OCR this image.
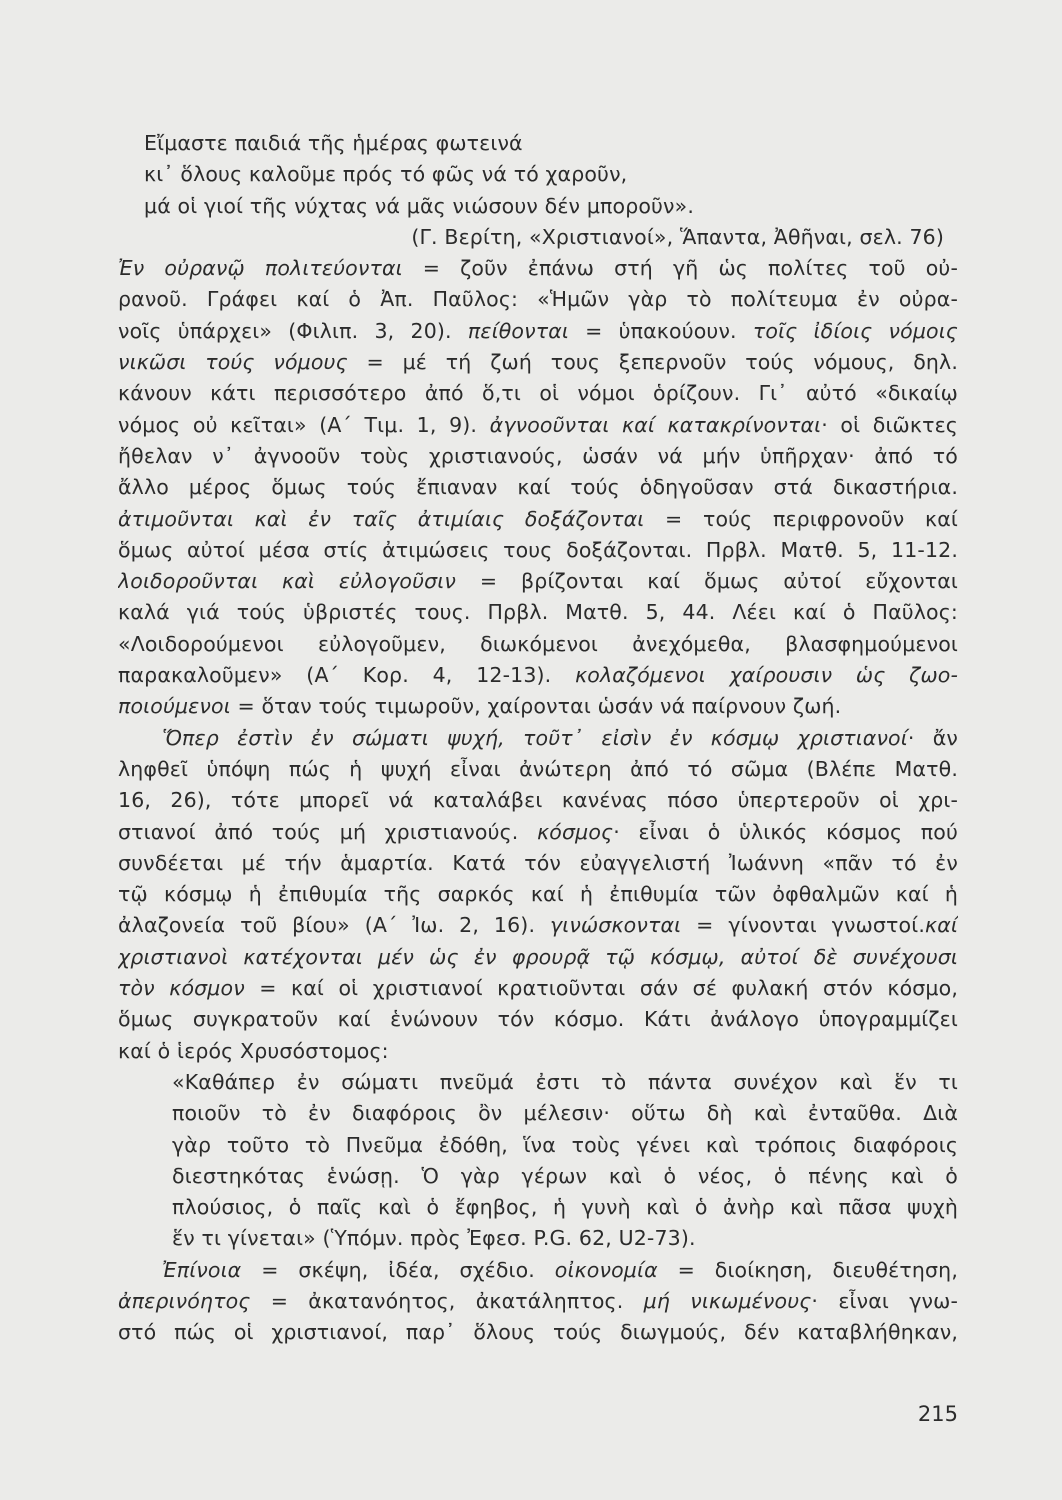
Εἴμαστε παιδιά τῆς ἡμέρας φωτεινά
κι᾽ ὅλους καλοῦμε πρός τό φῶς νά τό χαροῦν,
μά οἱ γιοί τῆς νύχτας νά μᾶς νιώσουν δέν μποροῦν».
(Γ. Βερίτη, «Χριστιανοί», Ἅπαντα, Ἀθῆναι, σελ. 76)
Ἐν οὐρανῷ πολιτεύονται = ζοῦν ἐπάνω στή γῆ ὡς πολίτες τοῦ οὐ-
ρανοῦ. Γράφει καί ὁ Ἀπ. Παῦλος: «Ἡμῶν γὰρ τὸ πολίτευμα ἐν οὐρα-
νοῖς ὑπάρχει» (Φιλιπ. 3, 20). πείθονται = ὑπακούουν. τοῖς ἰδίοις νόμοις
νικῶσι τούς νόμους = μέ τή ζωή τους ξεπερνοῦν τούς νόμους, δηλ.
κάνουν κάτι περισσότερο ἀπό ὅ,τι οἱ νόμοι ὁρίζουν. Γι᾽ αὐτό «δικαίῳ
νόμος οὐ κεῖται» (Α΄ Τιμ. 1, 9). ἀγνοοῦνται καί κατακρίνονται· οἱ διῶκτες
ἤθελαν ν᾽ ἀγνοοῦν τοὺς χριστιανούς, ὡσάν νά μήν ὑπῆρχαν· ἀπό τό
ἄλλο μέρος ὅμως τούς ἔπιαναν καί τούς ὁδηγοῦσαν στά δικαστήρια.
ἀτιμοῦνται καὶ ἐν ταῖς ἀτιμίαις δοξάζονται = τούς περιφρονοῦν καί
ὅμως αὐτοί μέσα στίς ἀτιμώσεις τους δοξάζονται. Πρβλ. Ματθ. 5, 11-12.
λοιδοροῦνται καὶ εὐλογοῦσιν = βρίζονται καί ὅμως αὐτοί εὔχονται
καλά γιά τούς ὑβριστές τους. Πρβλ. Ματθ. 5, 44. Λέει καί ὁ Παῦλος:
«Λοιδορούμενοι εὐλογοῦμεν, διωκόμενοι ἀνεχόμεθα, βλασφημούμενοι
παρακαλοῦμεν» (Α΄ Κορ. 4, 12-13). κολαζόμενοι χαίρουσιν ὡς ζωο-
ποιούμενοι = ὅταν τούς τιμωροῦν, χαίρονται ὡσάν νά παίρνουν ζωή.
Ὅπερ ἐστὶν ἐν σώματι ψυχή, τοῦτ᾽ εἰσὶν ἐν κόσμῳ χριστιανοί· ἄν
ληφθεῖ ὑπόψη πώς ἡ ψυχή εἶναι ἀνώτερη ἀπό τό σῶμα (Βλέπε Ματθ.
16, 26), τότε μπορεῖ νά καταλάβει κανένας πόσο ὑπερτεροῦν οἱ χρι-
στιανοί ἀπό τούς μή χριστιανούς. κόσμος· εἶναι ὁ ὑλικός κόσμος πού
συνδέεται μέ τήν ἁμαρτία. Κατά τόν εὐαγγελιστή Ἰωάννη «πᾶν τό ἐν
τῷ κόσμῳ ἡ ἐπιθυμία τῆς σαρκός καί ἡ ἐπιθυμία τῶν ὀφθαλμῶν καί ἡ
ἀλαζονεία τοῦ βίου» (Α΄ Ἰω. 2, 16). γινώσκονται = γίνονται γνωστοί.καί
χριστιανοὶ κατέχονται μέν ὡς ἐν φρουρᾷ τῷ κόσμῳ, αὐτοί δὲ συνέχουσι
τὸν κόσμον = καί οἱ χριστιανοί κρατιοῦνται σάν σέ φυλακή στόν κόσμο,
ὅμως συγκρατοῦν καί ἑνώνουν τόν κόσμο. Κάτι ἀνάλογο ὑπογραμμίζει
καί ὁ ἱερός Χρυσόστομος:
«Καθάπερ ἐν σώματι πνεῦμά ἐστι τὸ πάντα συνέχον καὶ ἕν τι
ποιοῦν τὸ ἐν διαφόροις ὂν μέλεσιν· οὕτω δὴ καὶ ἐνταῦθα. Διὰ
γὰρ τοῦτο τὸ Πνεῦμα ἐδόθη, ἵνα τοὺς γένει καὶ τρόποις διαφόροις
διεστηκότας ἑνώσῃ. Ὁ γὰρ γέρων καὶ ὁ νέος, ὁ πένης καὶ ὁ
πλούσιος, ὁ παῖς καὶ ὁ ἔφηβος, ἡ γυνὴ καὶ ὁ ἀνὴρ καὶ πᾶσα ψυχὴ
ἕν τι γίνεται» (Ὑπόμν. πρὸς Ἐφεσ. P.G. 62, U2-73).
Ἐπίνοια = σκέψη, ἰδέα, σχέδιο. οἰκονομία = διοίκηση, διευθέτηση,
ἀπερινόητος = ἀκατανόητος, ἀκατάληπτος. μή νικωμένους· εἶναι γνω-
στό πώς οἱ χριστιανοί, παρ᾽ ὅλους τούς διωγμούς, δέν καταβλήθηκαν,
215
